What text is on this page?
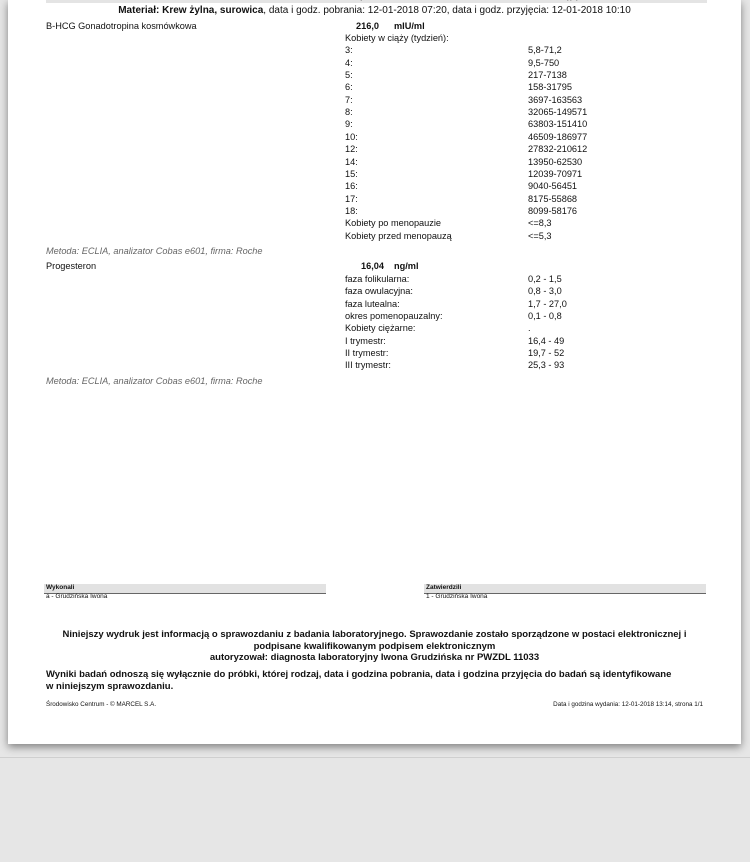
Materiał: Krew żylna, surowica, data i godz. pobrania: 12-01-2018 07:20, data i godz. przyjęcia: 12-01-2018 10:10
B-HCG Gonadotropina kosmówkowa	216,0 mIU/ml
Kobiety w ciąży (tydzień):
3:	5,8-71,2
4:	9,5-750
5:	217-7138
6:	158-31795
7:	3697-163563
8:	32065-149571
9:	63803-151410
10:	46509-186977
12:	27832-210612
14:	13950-62530
15:	12039-70971
16:	9040-56451
17:	8175-55868
18:	8099-58176
Kobiety po menopauzie	<=8,3
Kobiety przed menopauzą	<=5,3
Metoda: ECLIA, analizator Cobas e601, firma: Roche
Progesteron	16,04 ng/ml
faza folikularna:	0,2 - 1,5
faza owulacyjna:	0,8 - 3,0
faza lutealna:	1,7 - 27,0
okres pomenopauzalny:	0,1 - 0,8
Kobiety ciężarne:	.
I trymestr:	16,4 - 49
II trymestr:	19,7 - 52
III trymestr:	25,3 - 93
Metoda: ECLIA, analizator Cobas e601, firma: Roche
Wykonali
a - Grudzińska Iwona
Zatwierdzili
1 - Grudzińska Iwona
Niniejszy wydruk jest informacją o sprawozdaniu z badania laboratoryjnego. Sprawozdanie zostało sporządzone w postaci elektronicznej i
podpisane kwalifikowanym podpisem elektronicznym
autoryzował: diagnosta laboratoryjny Iwona Grudzińska nr PWZDL 11033
Wyniki badań odnoszą się wyłącznie do próbki, której rodzaj, data i godzina pobrania, data i godzina przyjęcia do badań są identyfikowane
w niniejszym sprawozdaniu.
Środowisko Centrum - © MARCEL S.A.	Data i godzina wydania: 12-01-2018 13:14, strona 1/1
